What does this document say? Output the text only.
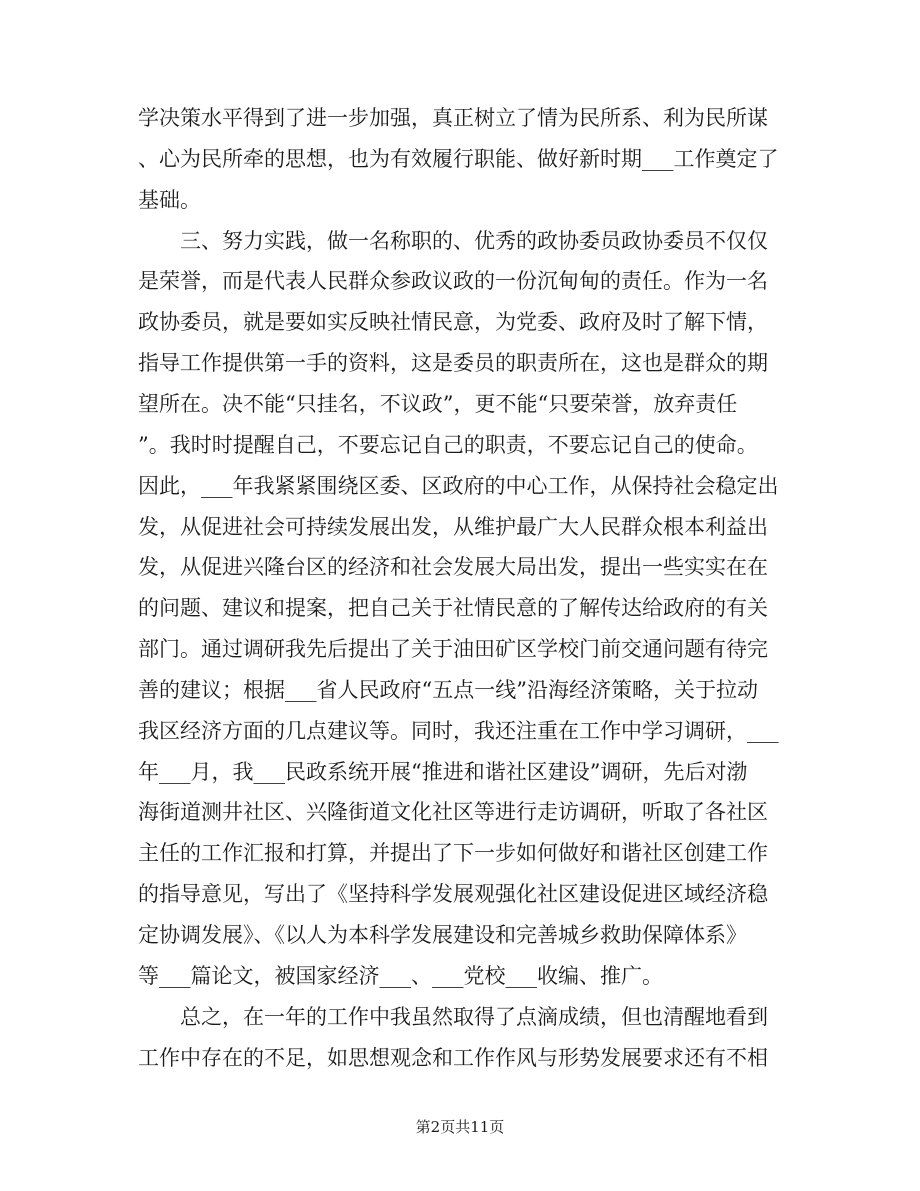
学决策水平得到了进一步加强，真正树立了情为民所系、利为民所谋
、心为民所牵的思想，也为有效履行职能、做好新时期___工作奠定了
基础。
　　三、努力实践，做一名称职的、优秀的政协委员政协委员不仅仅
是荣誉，而是代表人民群众参政议政的一份沉甸甸的责任。作为一名
政协委员，就是要如实反映社情民意，为党委、政府及时了解下情，
指导工作提供第一手的资料，这是委员的职责所在，这也是群众的期
望所在。决不能“只挂名，不议政”，更不能“只要荣誉，放弃责任
”。我时时提醒自己，不要忘记自己的职责，不要忘记自己的使命。
因此，___年我紧紧围绕区委、区政府的中心工作，从保持社会稳定出
发，从促进社会可持续发展出发，从维护最广大人民群众根本利益出
发，从促进兴隆台区的经济和社会发展大局出发，提出一些实实在在
的问题、建议和提案，把自己关于社情民意的了解传达给政府的有关
部门。通过调研我先后提出了关于油田矿区学校门前交通问题有待完
善的建议；根据___省人民政府“五点一线”沿海经济策略，关于拉动
我区经济方面的几点建议等。同时，我还注重在工作中学习调研，___
年___月，我___民政系统开展“推进和谐社区建设”调研，先后对渤
海街道测井社区、兴隆街道文化社区等进行走访调研，听取了各社区
主任的工作汇报和打算，并提出了下一步如何做好和谐社区创建工作
的指导意见，写出了《坚持科学发展观强化社区建设促进区域经济稳
定协调发展》、《以人为本科学发展建设和完善城乡救助保障体系》
等___篇论文，被国家经济___、___党校___收编、推广。
　　总之，在一年的工作中我虽然取得了点滴成绩，但也清醒地看到
工作中存在的不足，如思想观念和工作作风与形势发展要求还有不相
第2页共11页
